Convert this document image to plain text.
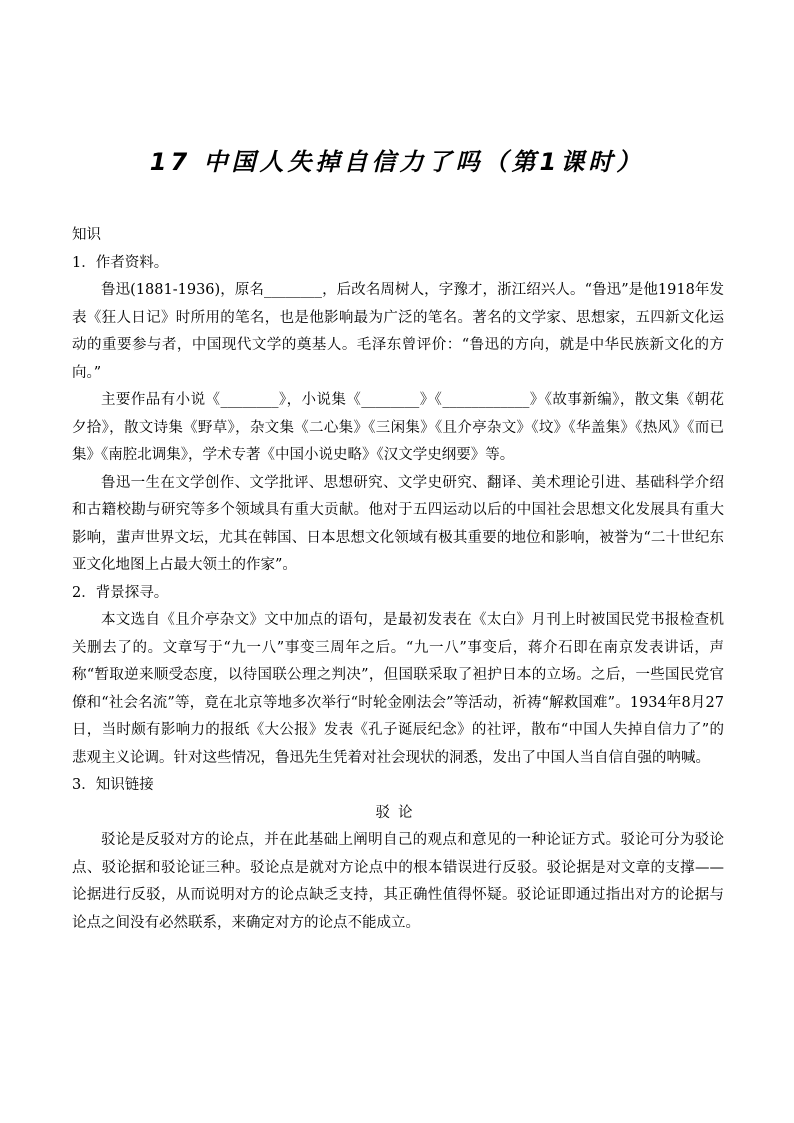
17 中国人失掉自信力了吗（第1课时）

知识

1．作者资料。

鲁迅(1881-1936)，原名________，后改名周树人，字豫才，浙江绍兴人。“鲁迅”是他1918年发表《狂人日记》时所用的笔名，也是他影响最为广泛的笔名。著名的文学家、思想家，五四新文化运动的重要参与者，中国现代文学的奠基人。毛泽东曾评价：“鲁迅的方向，就是中华民族新文化的方向。”

主要作品有小说《________》，小说集《________》《____________》《故事新编》，散文集《朝花夕拾》，散文诗集《野草》，杂文集《二心集》《三闲集》《且介亭杂文》《坟》《华盖集》《热风》《而已集》《南腔北调集》，学术专著《中国小说史略》《汉文学史纲要》等。

鲁迅一生在文学创作、文学批评、思想研究、文学史研究、翻译、美术理论引进、基础科学介绍和古籍校勘与研究等多个领域具有重大贡献。他对于五四运动以后的中国社会思想文化发展具有重大影响，蜚声世界文坛，尤其在韩国、日本思想文化领域有极其重要的地位和影响，被誉为“二十世纪东亚文化地图上占最大领土的作家”。

2．背景探寻。

本文选自《且介亭杂文》文中加点的语句，是最初发表在《太白》月刊上时被国民党书报检查机关删去了的。文章写于“九一八”事变三周年之后。“九一八”事变后，蒋介石即在南京发表讲话，声称“暂取逆来顺受态度，以待国联公理之判决”，但国联采取了袒护日本的立场。之后，一些国民党官僚和“社会名流”等，竟在北京等地多次举行“时轮金刚法会”等活动，祈祷“解救国难”。1934年8月27日，当时颇有影响力的报纸《大公报》发表《孔子诞辰纪念》的社评，散布“中国人失掉自信力了”的悲观主义论调。针对这些情况，鲁迅先生凭着对社会现状的洞悉，发出了中国人当自信自强的呐喊。

3．知识链接

驳论

驳论是反驳对方的论点，并在此基础上阐明自己的观点和意见的一种论证方式。驳论可分为驳论点、驳论据和驳论证三种。驳论点是就对方论点中的根本错误进行反驳。驳论据是对文章的支撑——论据进行反驳，从而说明对方的论点缺乏支持，其正确性值得怀疑。驳论证即通过指出对方的论据与论点之间没有必然联系，来确定对方的论点不能成立。
